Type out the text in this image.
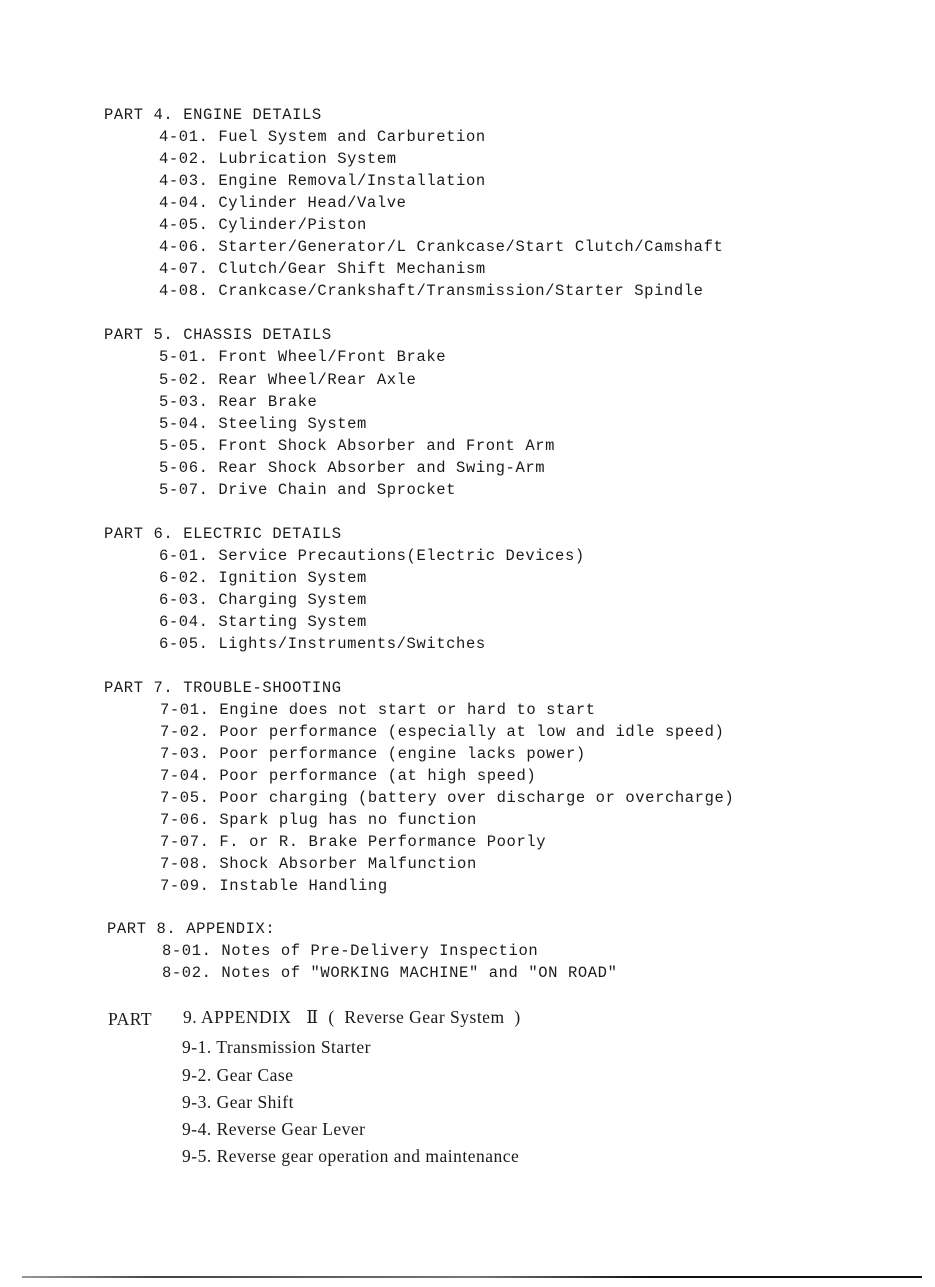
PART 4. ENGINE DETAILS
4-01. Fuel System and Carburetion
4-02. Lubrication System
4-03. Engine Removal/Installation
4-04. Cylinder Head/Valve
4-05. Cylinder/Piston
4-06. Starter/Generator/L Crankcase/Start Clutch/Camshaft
4-07. Clutch/Gear Shift Mechanism
4-08. Crankcase/Crankshaft/Transmission/Starter Spindle
PART 5. CHASSIS DETAILS
5-01. Front Wheel/Front Brake
5-02. Rear Wheel/Rear Axle
5-03. Rear Brake
5-04. Steeling System
5-05. Front Shock Absorber and Front Arm
5-06. Rear Shock Absorber and Swing-Arm
5-07. Drive Chain and Sprocket
PART 6. ELECTRIC DETAILS
6-01. Service Precautions(Electric Devices)
6-02. Ignition System
6-03. Charging System
6-04. Starting System
6-05. Lights/Instruments/Switches
PART 7. TROUBLE-SHOOTING
7-01. Engine does not start or hard to start
7-02. Poor performance (especially at low and idle speed)
7-03. Poor performance (engine lacks power)
7-04. Poor performance (at high speed)
7-05. Poor charging (battery over discharge or overcharge)
7-06. Spark plug has no function
7-07. F. or R. Brake Performance Poorly
7-08. Shock Absorber Malfunction
7-09. Instable Handling
PART 8. APPENDIX:
8-01. Notes of Pre-Delivery Inspection
8-02. Notes of "WORKING MACHINE" and "ON ROAD"
PART 9. APPENDIX   Ⅱ  (  Reverse Gear System  )
9-1. Transmission Starter
9-2. Gear Case
9-3. Gear Shift
9-4. Reverse Gear Lever
9-5. Reverse gear operation and maintenance
